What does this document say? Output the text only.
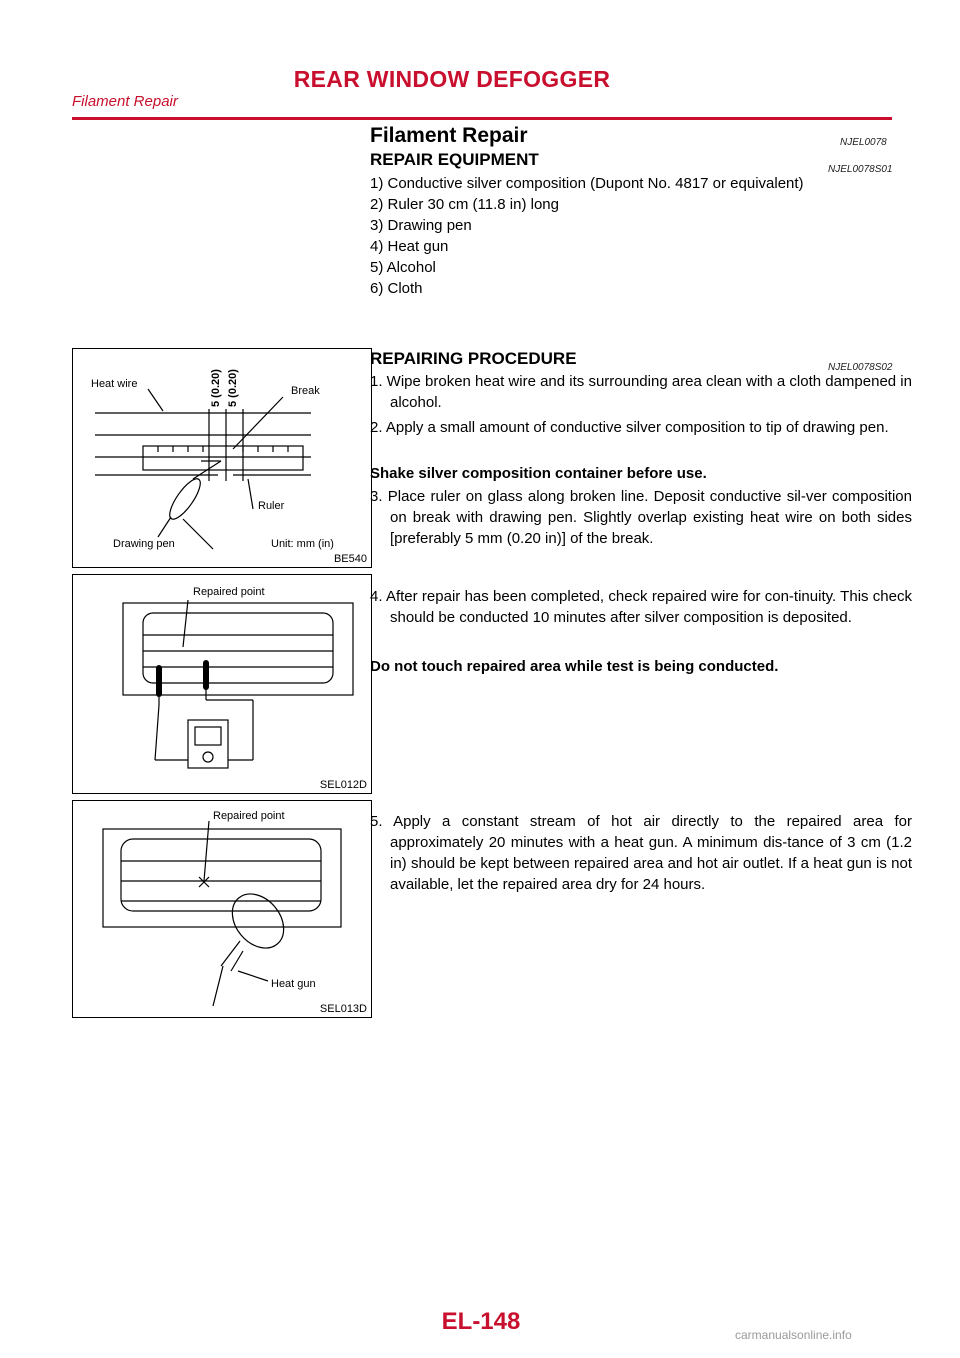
REAR WINDOW DEFOGGER
Filament Repair
Filament Repair	NJEL0078
REPAIR EQUIPMENT
NJEL0078S01
1) Conductive silver composition (Dupont No. 4817 or equivalent)
2) Ruler 30 cm (11.8 in) long
3) Drawing pen
4) Heat gun
5) Alcohol
6) Cloth
Heat wire
Break
Ruler
Drawing pen	Unit: mm (in)
5 (0.20) 5 (0.20)
BE540
Repaired point
SEL012D
Repaired point
Heat gun
SEL013D
REPAIRING PROCEDURE	NJEL0078S02
1. Wipe broken heat wire and its surrounding area clean with a cloth dampened in alcohol.
2. Apply a small amount of conductive silver composition to tip of drawing pen.
Shake silver composition container before use.
3. Place ruler on glass along broken line. Deposit conductive sil-ver composition on break with drawing pen. Slightly overlap existing heat wire on both sides [preferably 5 mm (0.20 in)] of the break.
4. After repair has been completed, check repaired wire for con-tinuity. This check should be conducted 10 minutes after silver composition is deposited.
Do not touch repaired area while test is being conducted.
5. Apply a constant stream of hot air directly to the repaired area for approximately 20 minutes with a heat gun. A minimum dis-tance of 3 cm (1.2 in) should be kept between repaired area and hot air outlet. If a heat gun is not available, let the repaired area dry for 24 hours.
EL-148	carmanualsonline.info
